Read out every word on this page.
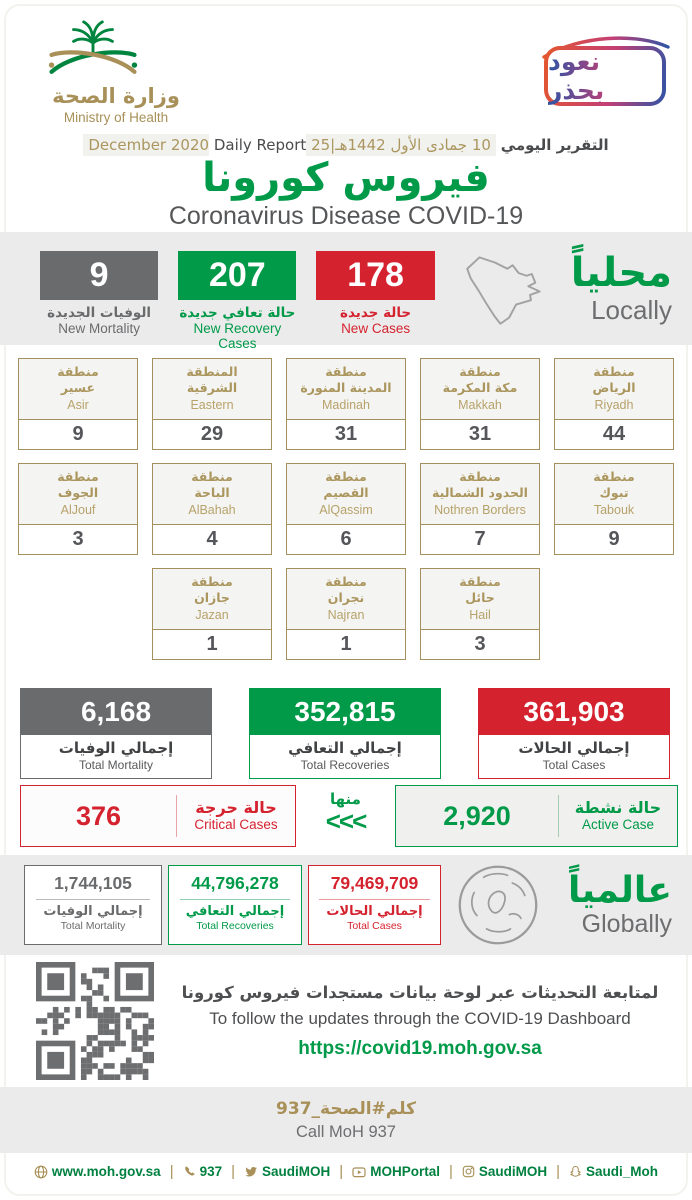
وزارة الصحة
Ministry of Health
نعود بحذر
التقرير اليومي 10 جمادى الأول 1442هـ|25 December 2020 Daily Report
فيروس كورونا
Coronavirus Disease COVID-19
9
الوفيات الجديدة
New Mortality
207
حالة تعافي جديدة
New Recovery Cases
178
حالة جديدة
New Cases
محلياً
Locally
منطقة
عسير
Asir
9
المنطقة
الشرقية
Eastern
29
منطقة
المدينة المنورة
Madinah
31
منطقة
مكة المكرمة
Makkah
31
منطقة
الرياض
Riyadh
44
منطقة
الجوف
AlJouf
3
منطقة
الباحة
AlBahah
4
منطقة
القصيم
AlQassim
6
منطقة
الحدود الشمالية
Nothren Borders
7
منطقة
تبوك
Tabouk
9
منطقة
جازان
Jazan
1
منطقة
نجران
Najran
1
منطقة
حائل
Hail
3
6,168
إجمالي الوفيات
Total Mortality
352,815
إجمالي التعافي
Total Recoveries
361,903
إجمالي الحالات
Total Cases
376	حالة حرجة
Critical Cases
منها
<<<	2,920	حالة نشطة
Active Case
1,744,105
إجمالي الوفيات
Total Mortality
44,796,278
إجمالي التعافي
Total Recoveries
79,469,709
إجمالي الحالات
Total Cases
عالمياً
Globally
لمتابعة التحديثات عبر لوحة بيانات مستجدات فيروس كورونا
To follow the updates through the COVID-19 Dashboard
https://covid19.moh.gov.sa
كلم#الصحة_937
Call MoH 937
www.moh.gov.sa | 937 | SaudiMOH | MOHPortal | SaudiMOH | Saudi_Moh
